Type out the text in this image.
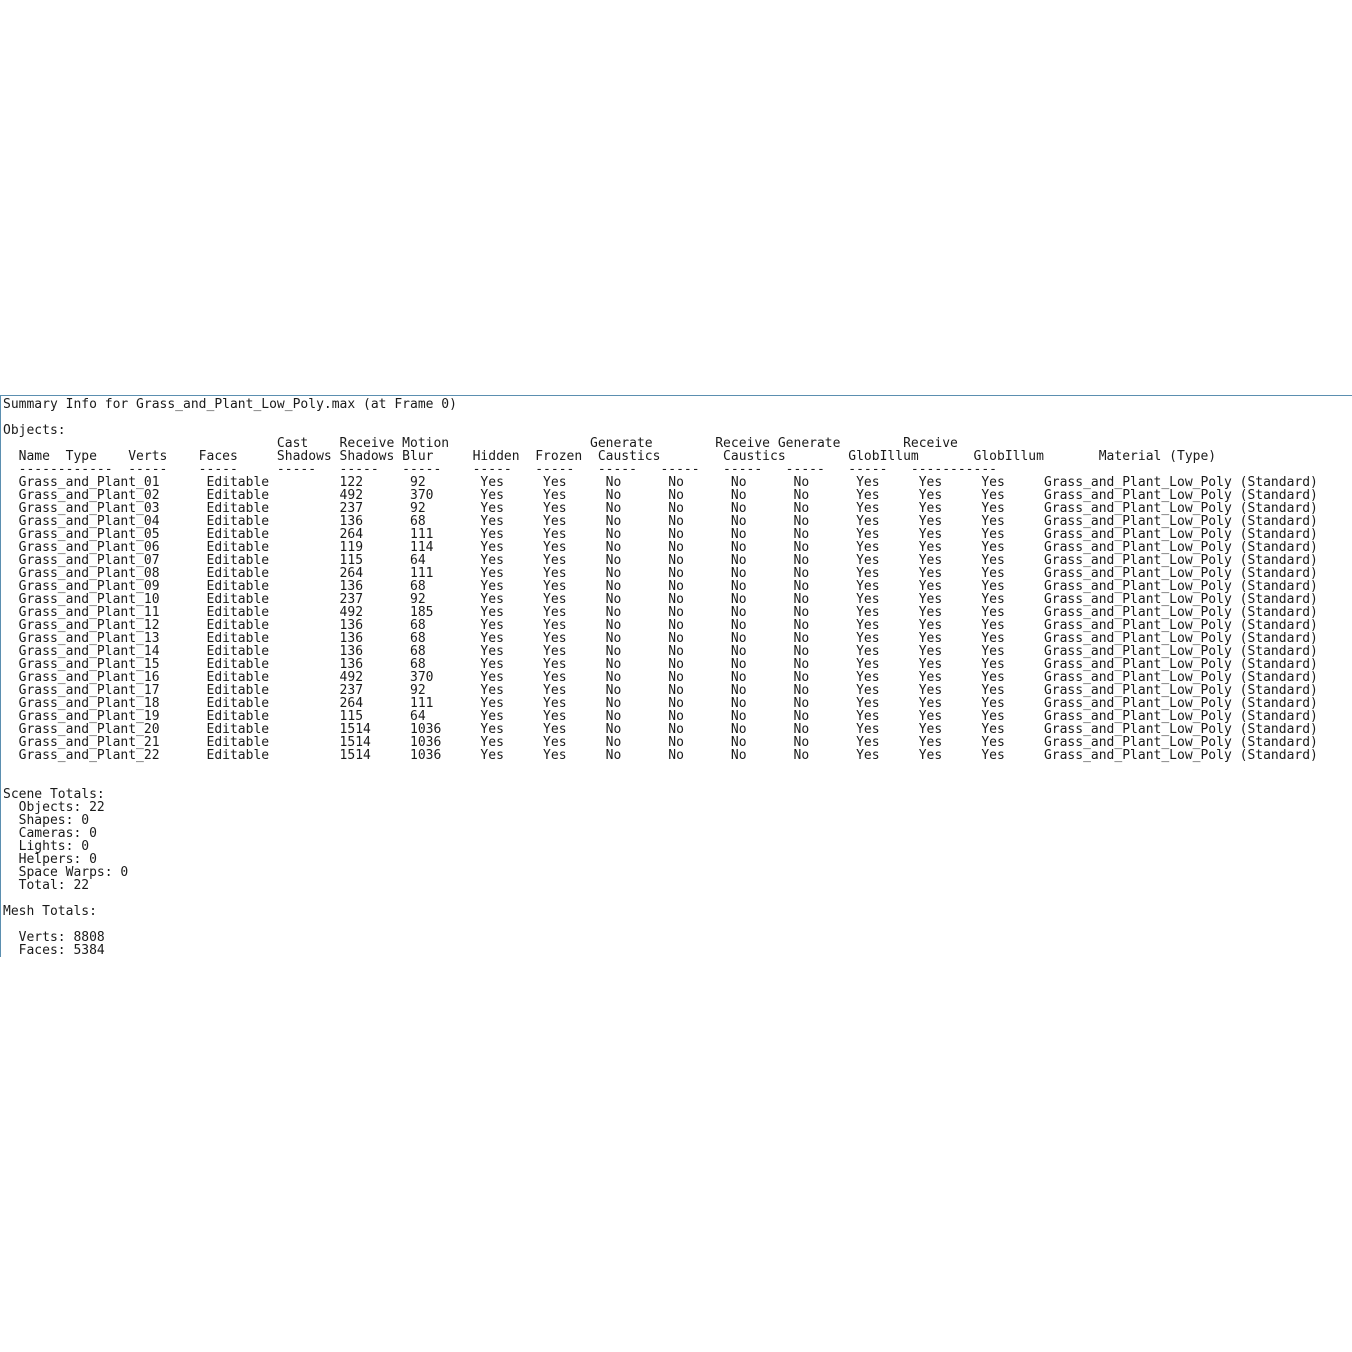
Summary Info for Grass_and_Plant_Low_Poly.max (at Frame 0)
Objects:
Cast    Receive Motion                  Generate        Receive Generate        Receive
Name  Type    Verts    Faces     Shadows Shadows Blur     Hidden  Frozen  Caustics        Caustics        GlobIllum       GlobIllum       Material (Type)
------------  -----    -----     -----   -----   -----    -----   -----   -----   -----   -----   -----   -----   -----------
Grass_and_Plant_01      Editable         122      92       Yes     Yes     No      No      No      No      Yes     Yes     Yes     Grass_and_Plant_Low_Poly (Standard)
Grass_and_Plant_02      Editable         492      370      Yes     Yes     No      No      No      No      Yes     Yes     Yes     Grass_and_Plant_Low_Poly (Standard)
Grass_and_Plant_03      Editable         237      92       Yes     Yes     No      No      No      No      Yes     Yes     Yes     Grass_and_Plant_Low_Poly (Standard)
Grass_and_Plant_04      Editable         136      68       Yes     Yes     No      No      No      No      Yes     Yes     Yes     Grass_and_Plant_Low_Poly (Standard)
Grass_and_Plant_05      Editable         264      111      Yes     Yes     No      No      No      No      Yes     Yes     Yes     Grass_and_Plant_Low_Poly (Standard)
Grass_and_Plant_06      Editable         119      114      Yes     Yes     No      No      No      No      Yes     Yes     Yes     Grass_and_Plant_Low_Poly (Standard)
Grass_and_Plant_07      Editable         115      64       Yes     Yes     No      No      No      No      Yes     Yes     Yes     Grass_and_Plant_Low_Poly (Standard)
Grass_and_Plant_08      Editable         264      111      Yes     Yes     No      No      No      No      Yes     Yes     Yes     Grass_and_Plant_Low_Poly (Standard)
Grass_and_Plant_09      Editable         136      68       Yes     Yes     No      No      No      No      Yes     Yes     Yes     Grass_and_Plant_Low_Poly (Standard)
Grass_and_Plant_10      Editable         237      92       Yes     Yes     No      No      No      No      Yes     Yes     Yes     Grass_and_Plant_Low_Poly (Standard)
Grass_and_Plant_11      Editable         492      185      Yes     Yes     No      No      No      No      Yes     Yes     Yes     Grass_and_Plant_Low_Poly (Standard)
Grass_and_Plant_12      Editable         136      68       Yes     Yes     No      No      No      No      Yes     Yes     Yes     Grass_and_Plant_Low_Poly (Standard)
Grass_and_Plant_13      Editable         136      68       Yes     Yes     No      No      No      No      Yes     Yes     Yes     Grass_and_Plant_Low_Poly (Standard)
Grass_and_Plant_14      Editable         136      68       Yes     Yes     No      No      No      No      Yes     Yes     Yes     Grass_and_Plant_Low_Poly (Standard)
Grass_and_Plant_15      Editable         136      68       Yes     Yes     No      No      No      No      Yes     Yes     Yes     Grass_and_Plant_Low_Poly (Standard)
Grass_and_Plant_16      Editable         492      370      Yes     Yes     No      No      No      No      Yes     Yes     Yes     Grass_and_Plant_Low_Poly (Standard)
Grass_and_Plant_17      Editable         237      92       Yes     Yes     No      No      No      No      Yes     Yes     Yes     Grass_and_Plant_Low_Poly (Standard)
Grass_and_Plant_18      Editable         264      111      Yes     Yes     No      No      No      No      Yes     Yes     Yes     Grass_and_Plant_Low_Poly (Standard)
Grass_and_Plant_19      Editable         115      64       Yes     Yes     No      No      No      No      Yes     Yes     Yes     Grass_and_Plant_Low_Poly (Standard)
Grass_and_Plant_20      Editable         1514     1036     Yes     Yes     No      No      No      No      Yes     Yes     Yes     Grass_and_Plant_Low_Poly (Standard)
Grass_and_Plant_21      Editable         1514     1036     Yes     Yes     No      No      No      No      Yes     Yes     Yes     Grass_and_Plant_Low_Poly (Standard)
Grass_and_Plant_22      Editable         1514     1036     Yes     Yes     No      No      No      No      Yes     Yes     Yes     Grass_and_Plant_Low_Poly (Standard)
Scene Totals:
Objects: 22
Shapes: 0
Cameras: 0
Lights: 0
Helpers: 0
Space Warps: 0
Total: 22
Mesh Totals:
Verts: 8808
Faces: 5384
